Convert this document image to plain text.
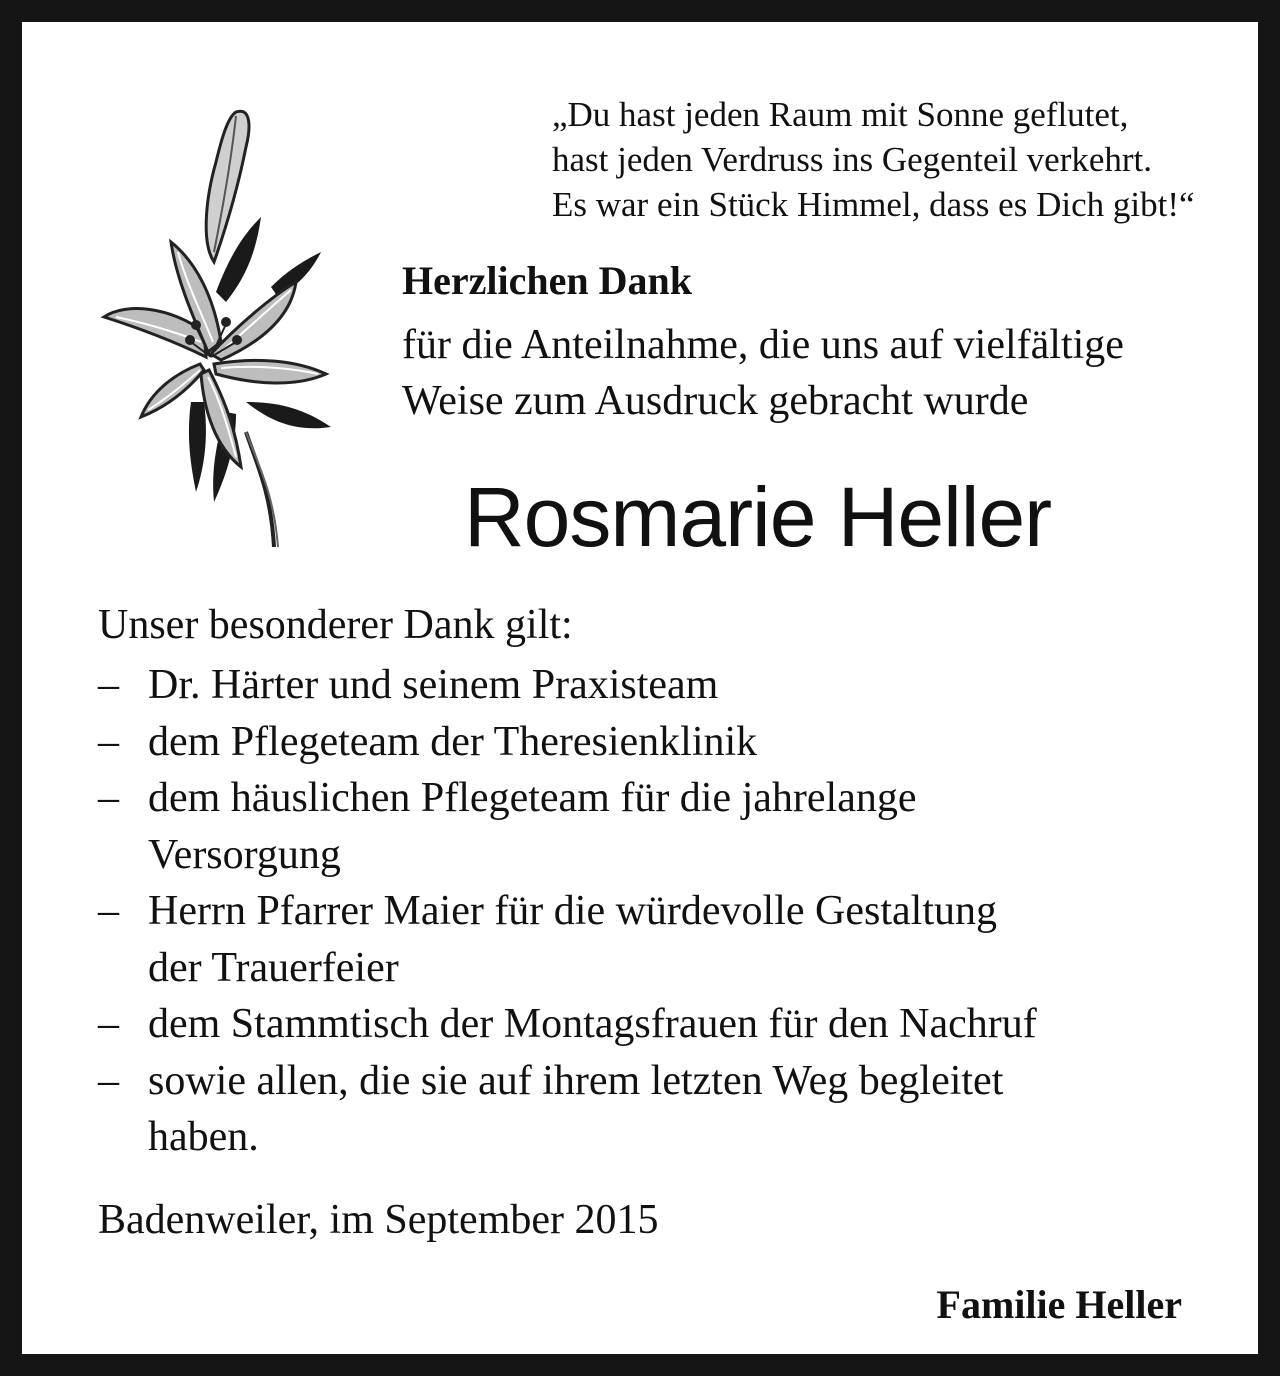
„Du hast jeden Raum mit Sonne geflutet,
hast jeden Verdruss ins Gegenteil verkehrt.
Es war ein Stück Himmel, dass es Dich gibt!“
Herzlichen Dank
für die Anteilnahme, die uns auf vielfältige
Weise zum Ausdruck gebracht wurde
Rosmarie Heller
Unser besonderer Dank gilt:
– Dr. Härter und seinem Praxisteam
– dem Pflegeteam der Theresienklinik
– dem häuslichen Pflegeteam für die jahrelange
Versorgung
– Herrn Pfarrer Maier für die würdevolle Gestaltung
der Trauerfeier
– dem Stammtisch der Montagsfrauen für den Nachruf
– sowie allen, die sie auf ihrem letzten Weg begleitet
haben.
Badenweiler, im September 2015
Familie Heller
